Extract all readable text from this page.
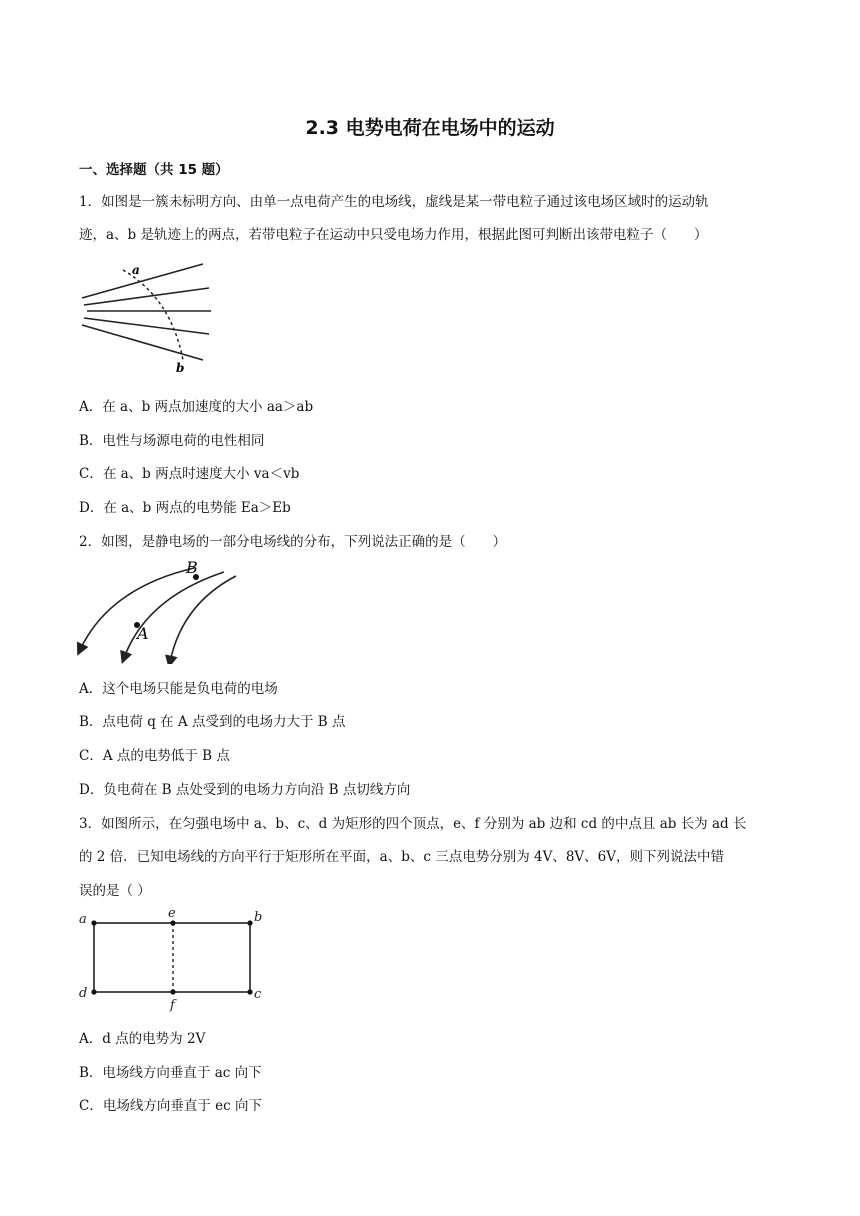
2.3 电势电荷在电场中的运动
一、选择题（共 15 题）
1．如图是一簇未标明方向、由单一点电荷产生的电场线，虚线是某一带电粒子通过该电场区域时的运动轨
迹，a、b 是轨迹上的两点，若带电粒子在运动中只受电场力作用，根据此图可判断出该带电粒子（　　）
a
b
A．在 a、b 两点加速度的大小 aa＞ab
B．电性与场源电荷的电性相同
C．在 a、b 两点时速度大小 va＜vb
D．在 a、b 两点的电势能 Ea＞Eb
2．如图，是静电场的一部分电场线的分布，下列说法正确的是（　　）
B
A
A．这个电场只能是负电荷的电场
B．点电荷 q 在 A 点受到的电场力大于 B 点
C．A 点的电势低于 B 点
D．负电荷在 B 点处受到的电场力方向沿 B 点切线方向
3．如图所示，在匀强电场中 a、b、c、d 为矩形的四个顶点，e、f 分别为 ab 边和 cd 的中点且 ab 长为 ad 长
的 2 倍．已知电场线的方向平行于矩形所在平面，a、b、c 三点电势分别为 4V、8V、6V，则下列说法中错
误的是（ ）
a	e	b
d
f
c
A．d 点的电势为 2V
B．电场线方向垂直于 ac 向下
C．电场线方向垂直于 ec 向下
